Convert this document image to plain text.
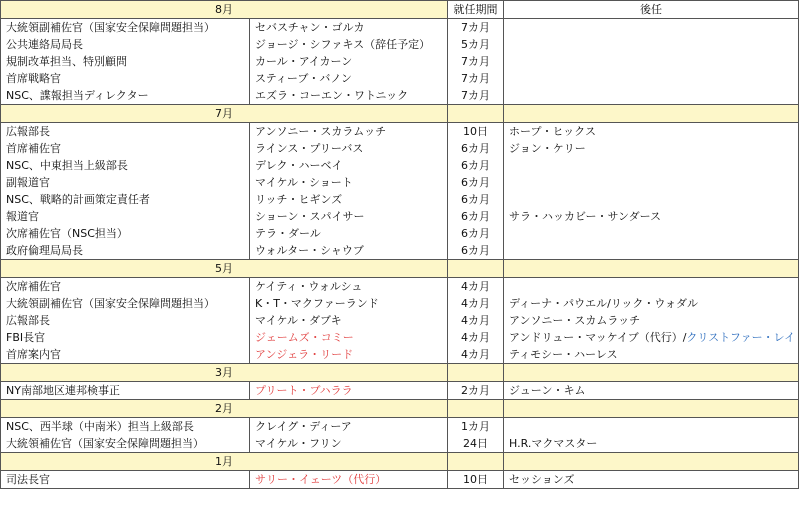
8月		就任期間	後任
大統領副補佐官（国家安全保障問題担当）	セバスチャン・ゴルカ	7カ月	
公共連絡局局長	ジョージ・シファキス（辞任予定）	5カ月	
規制改革担当、特別顧問	カール・アイカーン	7カ月	
首席戦略官	スティーブ・バノン	7カ月	
NSC、諜報担当ディレクター	エズラ・コーエン・ワトニック	7カ月	
7月			
広報部長	アンソニー・スカラムッチ	10日	ホープ・ヒックス
首席補佐官	ラインス・プリーバス	6カ月	ジョン・ケリー
NSC、中東担当上級部長	デレク・ハーベイ	6カ月	
副報道官	マイケル・ショート	6カ月	
NSC、戦略的計画策定責任者	リッチ・ヒギンズ	6カ月	
報道官	ショーン・スパイサー	6カ月	サラ・ハッカビー・サンダース
次席補佐官（NSC担当）	テラ・ダール	6カ月	
政府倫理局局長	ウォルター・シャウブ	6カ月	
5月			
次席補佐官	ケイティ・ウォルシュ	4カ月	
大統領副補佐官（国家安全保障問題担当）	K・T・マクファーランド	4カ月	ディーナ・パウエル/リック・ウォダル
広報部長	マイケル・ダブキ	4カ月	アンソニー・スカムラッチ
FBI長官	ジェームズ・コミー	4カ月	アンドリュー・マッケイブ（代行）/クリストファー・レイ
首席案内官	アンジェラ・リード	4カ月	ティモシー・ハーレス
3月			
NY南部地区連邦検事正	プリート・ブハララ	2カ月	ジューン・キム
2月			
NSC、西半球（中南米）担当上級部長	クレイグ・ディーア	1カ月	
大統領補佐官（国家安全保障問題担当）	マイケル・フリン	24日	H.R.マクマスター
1月			
司法長官	サリー・イェーツ（代行）	10日	セッションズ
